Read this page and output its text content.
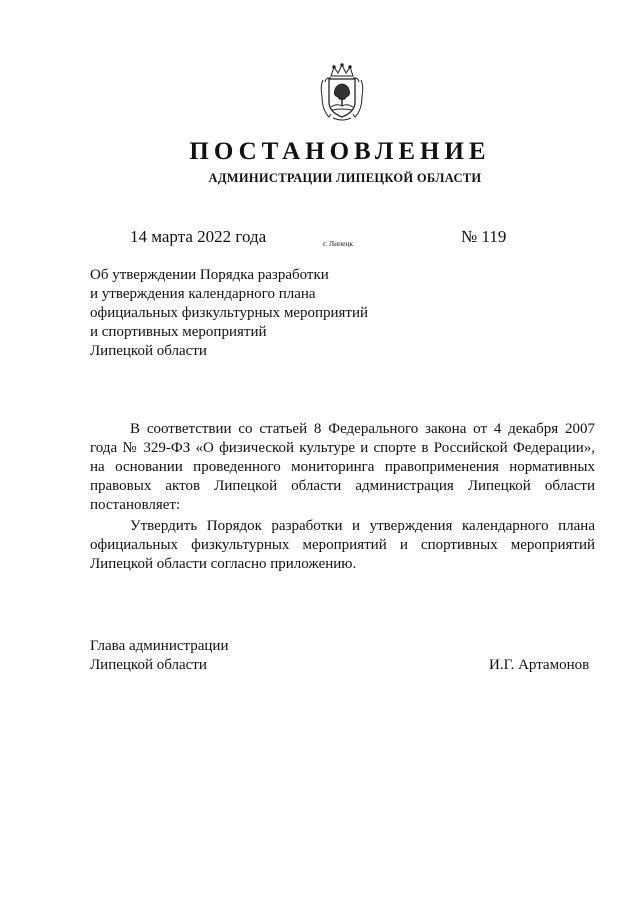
ПОСТАНОВЛЕНИЕ
АДМИНИСТРАЦИИ ЛИПЕЦКОЙ ОБЛАСТИ
14 марта 2022 года	г. Липецк	№ 119
Об утверждении Порядка разработки
и утверждения календарного плана
официальных физкультурных мероприятий
и спортивных мероприятий
Липецкой области
В соответствии со статьей 8 Федерального закона от 4 декабря 2007
года № 329-ФЗ «О физической культуре и спорте в Российской Федерации»,
на основании проведенного мониторинга правоприменения нормативных
правовых актов Липецкой области администрация Липецкой области
постановляет:
Утвердить Порядок разработки и утверждения календарного плана
официальных физкультурных мероприятий и спортивных мероприятий
Липецкой области согласно приложению.
Глава администрации
Липецкой области	И.Г. Артамонов
